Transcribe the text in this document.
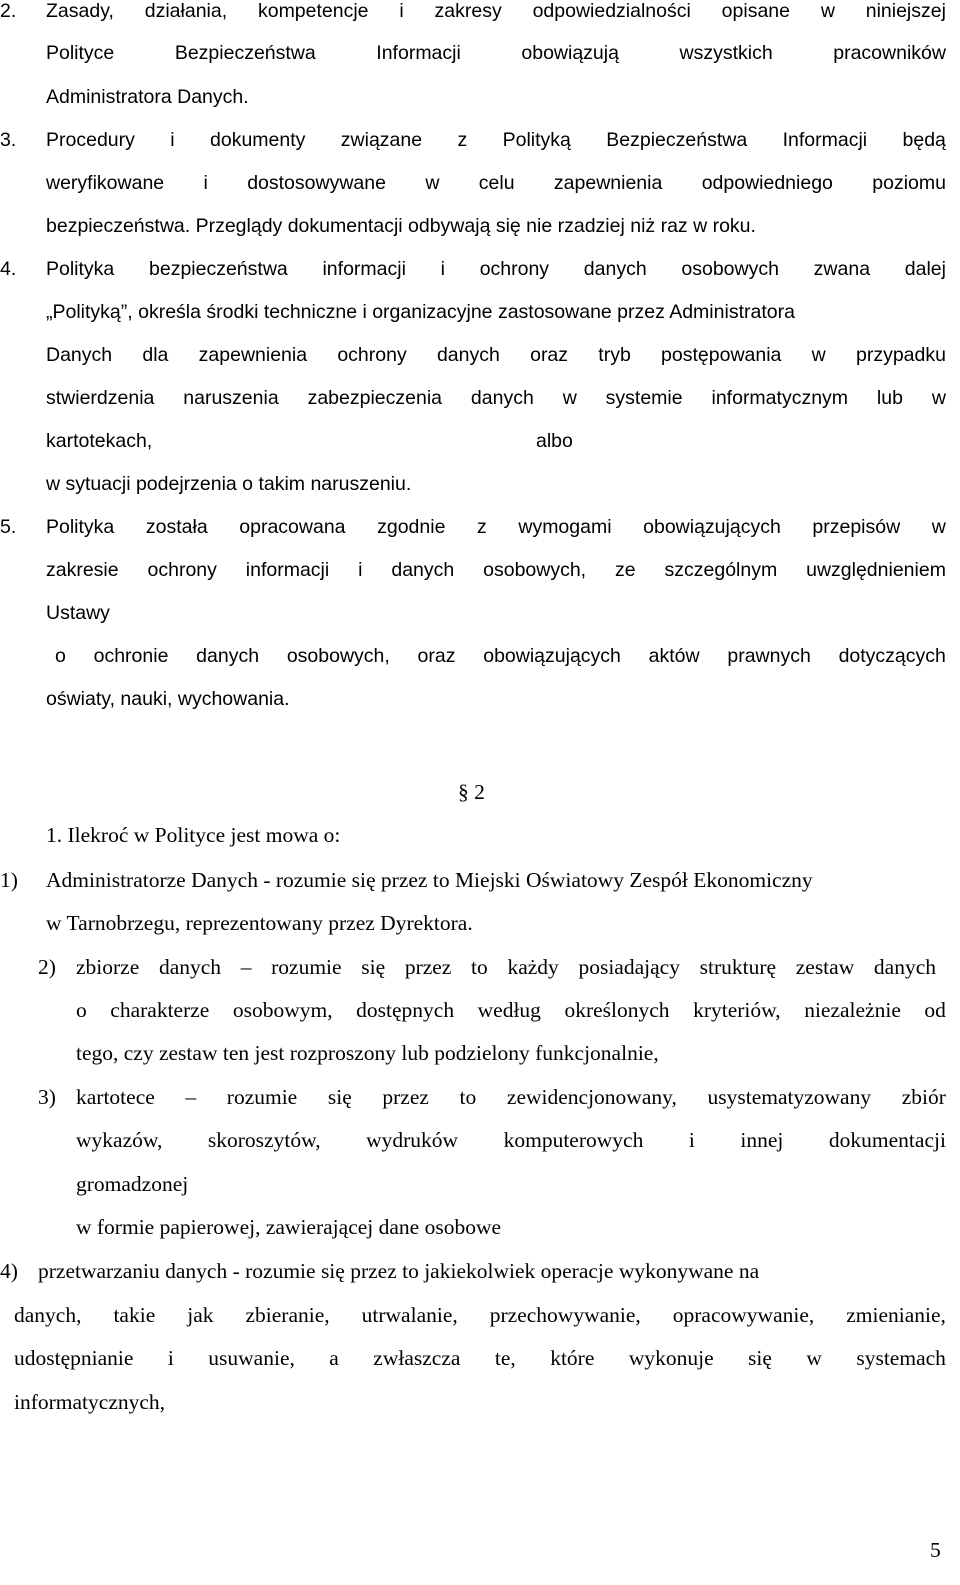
2. Zasady, działania, kompetencje i zakresy odpowiedzialności opisane w niniejszej
Polityce	Bezpieczeństwa	Informacji	obowiązują	wszystkich	pracowników
Administratora Danych.
3. Procedury i dokumenty związane z Polityką Bezpieczeństwa Informacji będą
weryfikowane i dostosowywane w celu zapewnienia odpowiedniego poziomu
bezpieczeństwa. Przeglądy dokumentacji odbywają się nie rzadziej niż raz w roku.
4. Polityka bezpieczeństwa informacji i ochrony danych osobowych zwana dalej
„Polityką”, określa środki techniczne i organizacyjne zastosowane przez Administratora
Danych dla zapewnienia ochrony danych oraz tryb postępowania w przypadku
stwierdzenia naruszenia zabezpieczenia danych w systemie informatycznym lub w
kartotekach,	albo
w sytuacji podejrzenia o takim naruszeniu.
5. Polityka została opracowana zgodnie z wymogami obowiązujących przepisów w
zakresie ochrony informacji i danych osobowych, ze szczególnym uwzględnieniem
Ustawy
o ochronie danych osobowych, oraz obowiązujących aktów prawnych dotyczących
oświaty, nauki, wychowania.
§ 2
1. Ilekroć w Polityce jest mowa o:
1) Administratorze Danych - rozumie się przez to Miejski Oświatowy Zespół Ekonomiczny
w Tarnobrzegu, reprezentowany przez Dyrektora.
2) zbiorze danych – rozumie się przez to każdy posiadający strukturę zestaw danych
o charakterze osobowym, dostępnych według określonych kryteriów, niezależnie od
tego, czy zestaw ten jest rozproszony lub podzielony funkcjonalnie,
3) kartotece – rozumie się przez to zewidencjonowany, usystematyzowany zbiór
wykazów, skoroszytów, wydruków komputerowych i innej dokumentacji
gromadzonej
w formie papierowej, zawierającej dane osobowe
4) przetwarzaniu danych - rozumie się przez to jakiekolwiek operacje wykonywane na
danych, takie jak zbieranie, utrwalanie, przechowywanie, opracowywanie, zmienianie,
udostępnianie i usuwanie, a zwłaszcza te, które wykonuje się w systemach
informatycznych,
5
